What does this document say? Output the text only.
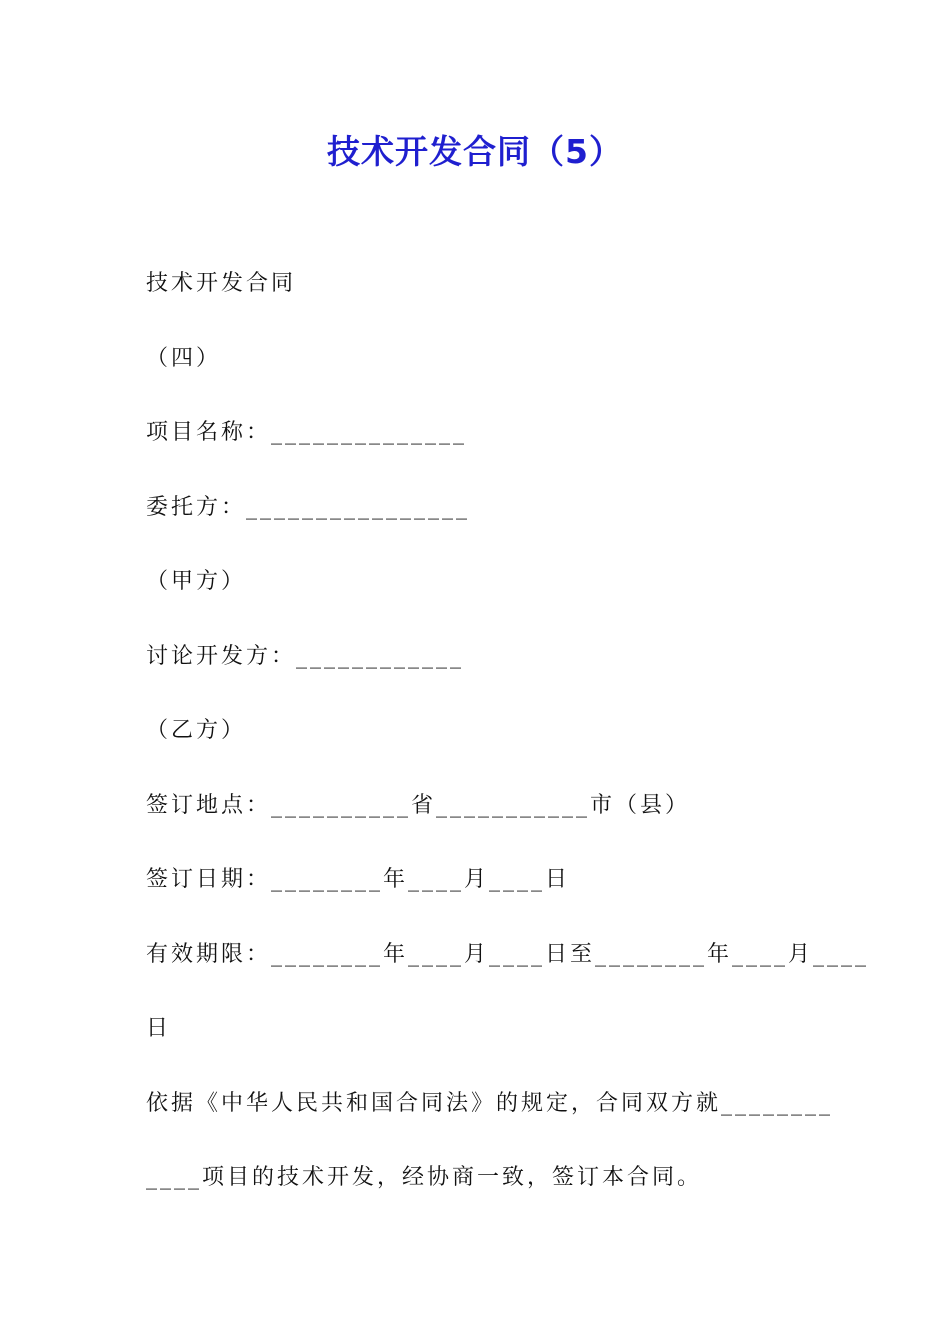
技术开发合同（5）
技术开发合同
（四）
项目名称：______________
委托方：________________
（甲方）
讨论开发方：____________
（乙方）
签订地点：__________省___________市（县）
签订日期：________年____月____日
有效期限：________年____月____日至________年____月____
日
依据《中华人民共和国合同法》的规定，合同双方就________
____项目的技术开发，经协商一致，签订本合同。
